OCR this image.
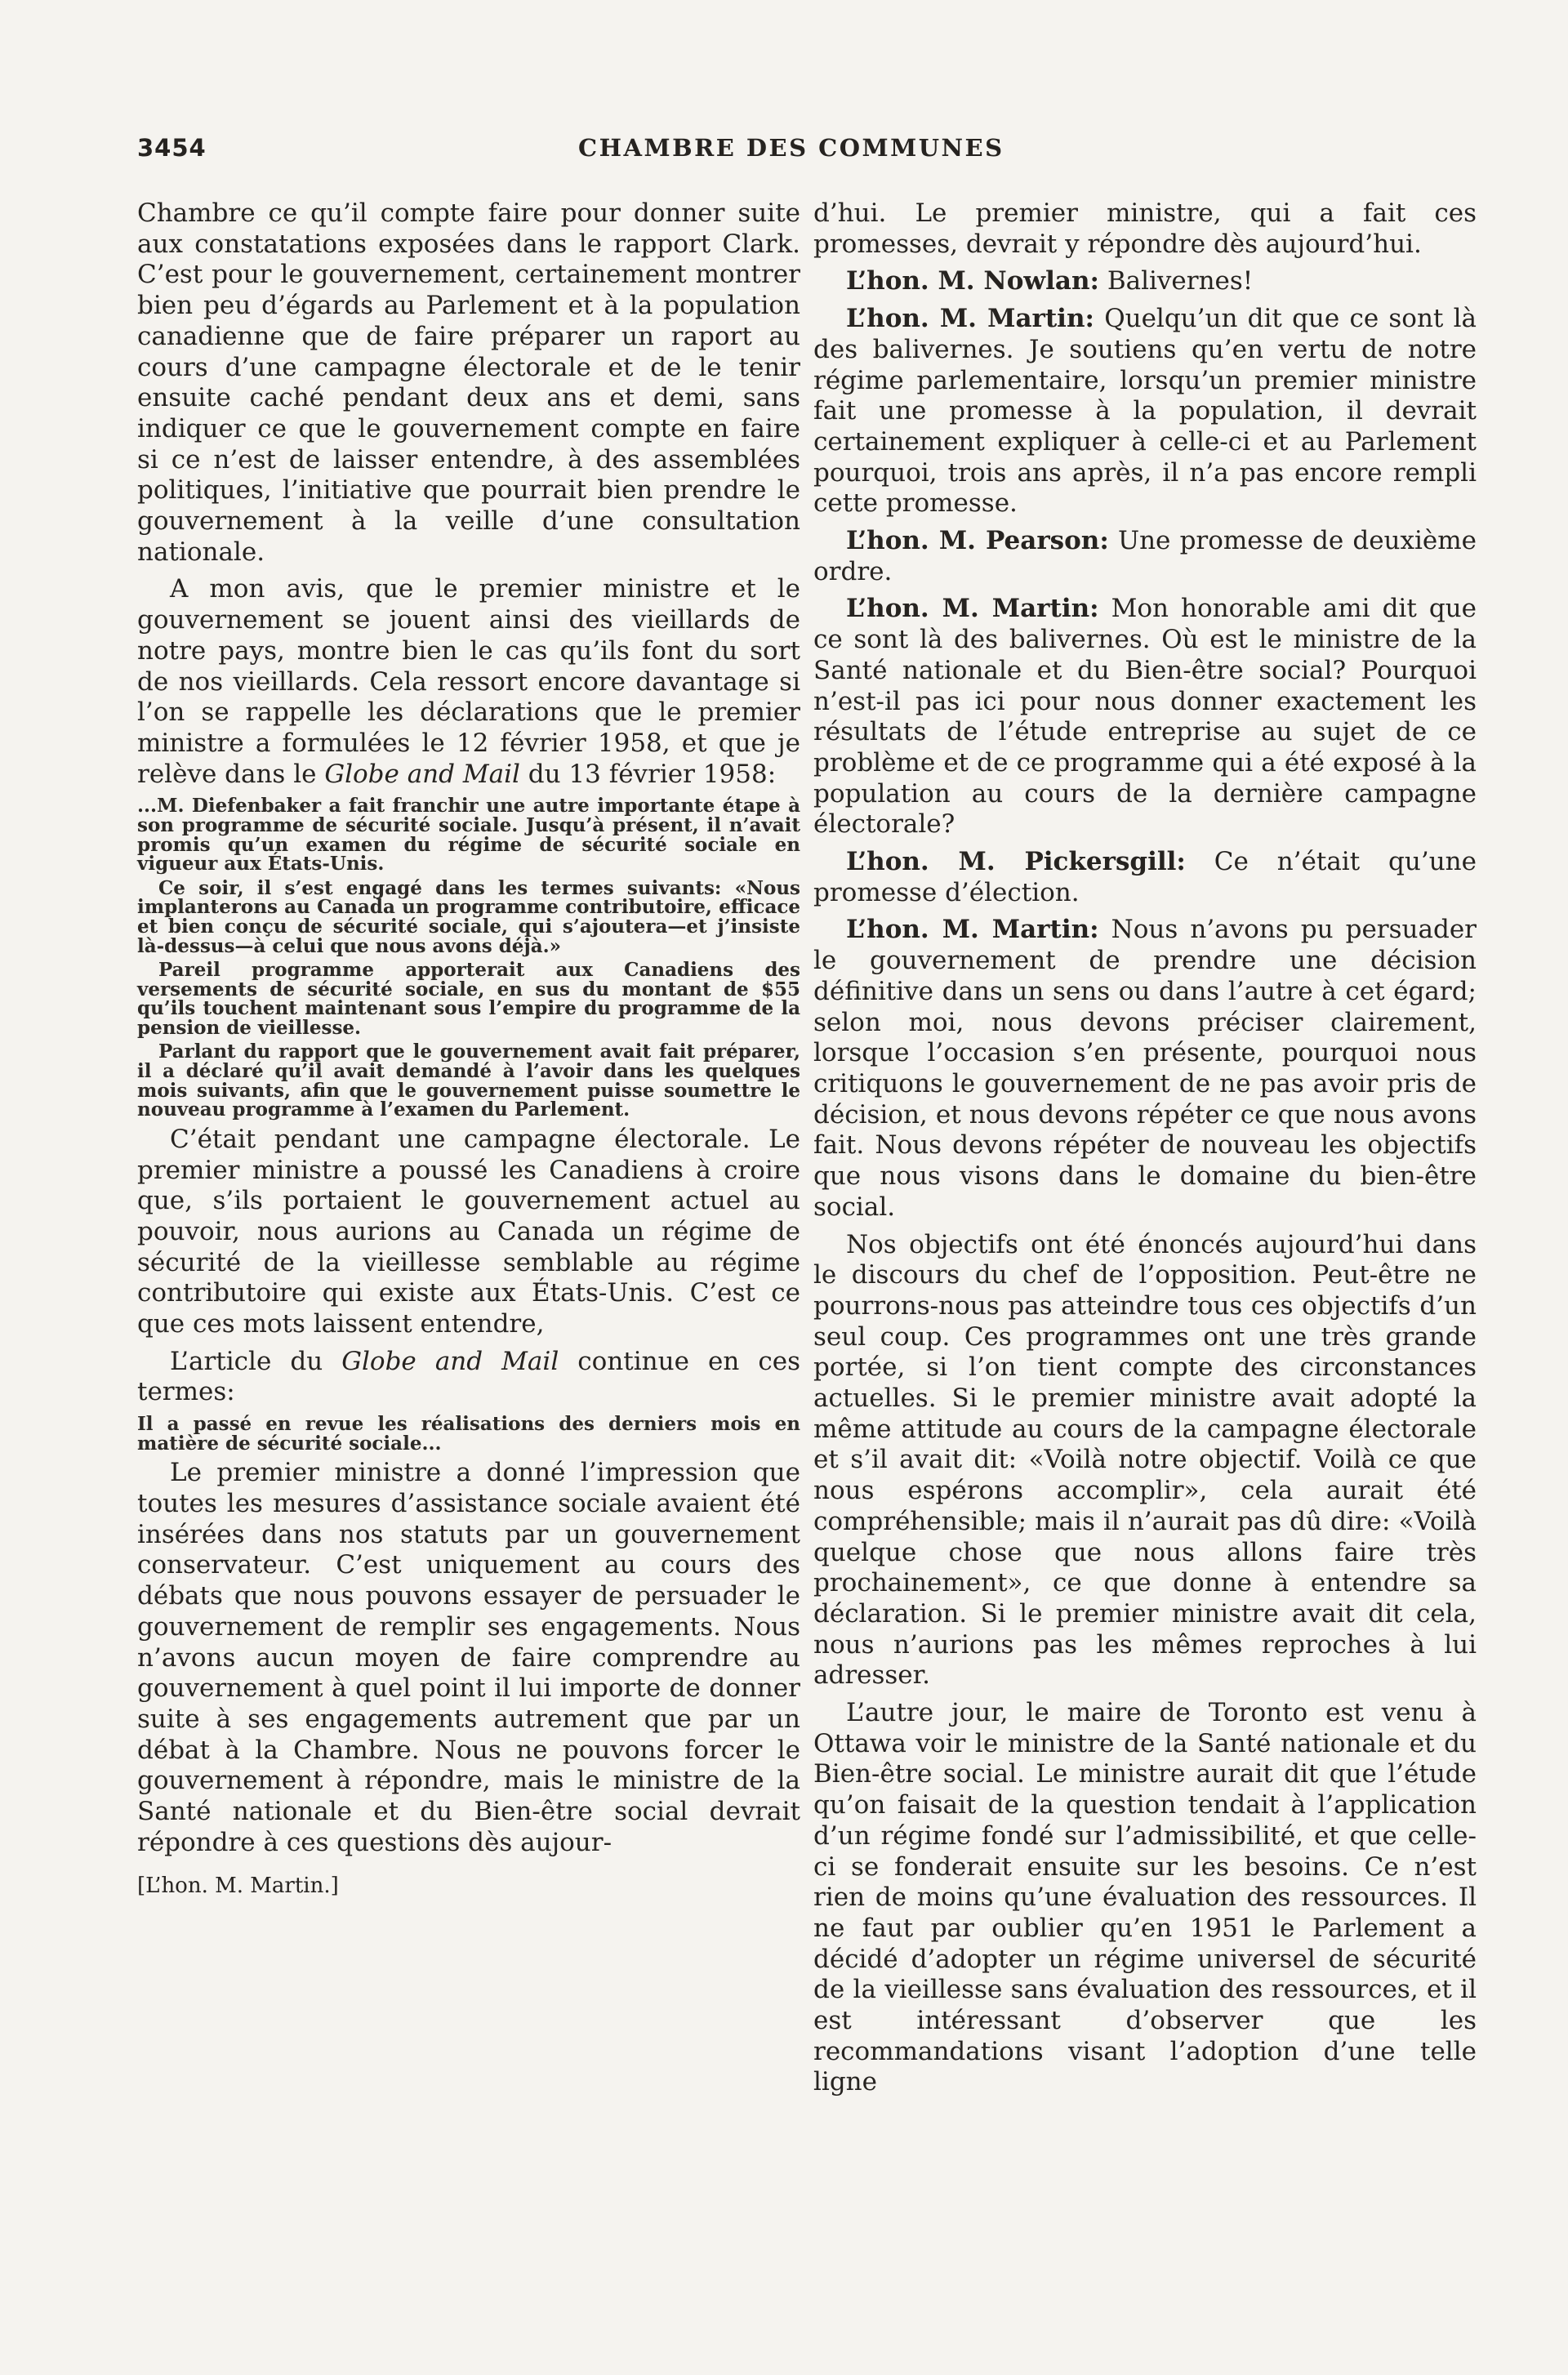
3454	CHAMBRE DES COMMUNES

Chambre ce qu’il compte faire pour donner suite aux constatations exposées dans le rapport Clark. C’est pour le gouvernement, certainement montrer bien peu d’égards au Parlement et à la population canadienne que de faire préparer un raport au cours d’une campagne électorale et de le tenir ensuite caché pendant deux ans et demi, sans indiquer ce que le gouvernement compte en faire si ce n’est de laisser entendre, à des assemblées politiques, l’initiative que pourrait bien prendre le gouvernement à la veille d’une consultation nationale.

A mon avis, que le premier ministre et le gouvernement se jouent ainsi des vieillards de notre pays, montre bien le cas qu’ils font du sort de nos vieillards. Cela ressort encore davantage si l’on se rappelle les déclarations que le premier ministre a formulées le 12 février 1958, et que je relève dans le Globe and Mail du 13 février 1958:

...M. Diefenbaker a fait franchir une autre importante étape à son programme de sécurité sociale. Jusqu’à présent, il n’avait promis qu’un examen du régime de sécurité sociale en vigueur aux États-Unis.

Ce soir, il s’est engagé dans les termes suivants: «Nous implanterons au Canada un programme contributoire, efficace et bien conçu de sécurité sociale, qui s’ajoutera—et j’insiste là-dessus—à celui que nous avons déjà.»

Pareil programme apporterait aux Canadiens des versements de sécurité sociale, en sus du montant de $55 qu’ils touchent maintenant sous l’empire du programme de la pension de vieillesse.

Parlant du rapport que le gouvernement avait fait préparer, il a déclaré qu’il avait demandé à l’avoir dans les quelques mois suivants, afin que le gouvernement puisse soumettre le nouveau programme à l’examen du Parlement.

C’était pendant une campagne électorale. Le premier ministre a poussé les Canadiens à croire que, s’ils portaient le gouvernement actuel au pouvoir, nous aurions au Canada un régime de sécurité de la vieillesse semblable au régime contributoire qui existe aux États-Unis. C’est ce que ces mots laissent entendre,

L’article du Globe and Mail continue en ces termes:

Il a passé en revue les réalisations des derniers mois en matière de sécurité sociale...

Le premier ministre a donné l’impression que toutes les mesures d’assistance sociale avaient été insérées dans nos statuts par un gouvernement conservateur. C’est uniquement au cours des débats que nous pouvons essayer de persuader le gouvernement de remplir ses engagements. Nous n’avons aucun moyen de faire comprendre au gouvernement à quel point il lui importe de donner suite à ses engagements autrement que par un débat à la Chambre. Nous ne pouvons forcer le gouvernement à répondre, mais le ministre de la Santé nationale et du Bien-être social devrait répondre à ces questions dès aujour-

[L’hon. M. Martin.]

d’hui. Le premier ministre, qui a fait ces promesses, devrait y répondre dès aujourd’hui.

L’hon. M. Nowlan: Balivernes!

L’hon. M. Martin: Quelqu’un dit que ce sont là des balivernes. Je soutiens qu’en vertu de notre régime parlementaire, lorsqu’un premier ministre fait une promesse à la population, il devrait certainement expliquer à celle-ci et au Parlement pourquoi, trois ans après, il n’a pas encore rempli cette promesse.

L’hon. M. Pearson: Une promesse de deuxième ordre.

L’hon. M. Martin: Mon honorable ami dit que ce sont là des balivernes. Où est le ministre de la Santé nationale et du Bien-être social? Pourquoi n’est-il pas ici pour nous donner exactement les résultats de l’étude entreprise au sujet de ce problème et de ce programme qui a été exposé à la population au cours de la dernière campagne électorale?

L’hon. M. Pickersgill: Ce n’était qu’une promesse d’élection.

L’hon. M. Martin: Nous n’avons pu persuader le gouvernement de prendre une décision définitive dans un sens ou dans l’autre à cet égard; selon moi, nous devons préciser clairement, lorsque l’occasion s’en présente, pourquoi nous critiquons le gouvernement de ne pas avoir pris de décision, et nous devons répéter ce que nous avons fait. Nous devons répéter de nouveau les objectifs que nous visons dans le domaine du bien-être social.

Nos objectifs ont été énoncés aujourd’hui dans le discours du chef de l’opposition. Peut-être ne pourrons-nous pas atteindre tous ces objectifs d’un seul coup. Ces programmes ont une très grande portée, si l’on tient compte des circonstances actuelles. Si le premier ministre avait adopté la même attitude au cours de la campagne électorale et s’il avait dit: «Voilà notre objectif. Voilà ce que nous espérons accomplir», cela aurait été compréhensible; mais il n’aurait pas dû dire: «Voilà quelque chose que nous allons faire très prochainement», ce que donne à entendre sa déclaration. Si le premier ministre avait dit cela, nous n’aurions pas les mêmes reproches à lui adresser.

L’autre jour, le maire de Toronto est venu à Ottawa voir le ministre de la Santé nationale et du Bien-être social. Le ministre aurait dit que l’étude qu’on faisait de la question tendait à l’application d’un régime fondé sur l’admissibilité, et que celle-ci se fonderait ensuite sur les besoins. Ce n’est rien de moins qu’une évaluation des ressources. Il ne faut par oublier qu’en 1951 le Parlement a décidé d’adopter un régime universel de sécurité de la vieillesse sans évaluation des ressources, et il est intéressant d’observer que les recommandations visant l’adoption d’une telle ligne
